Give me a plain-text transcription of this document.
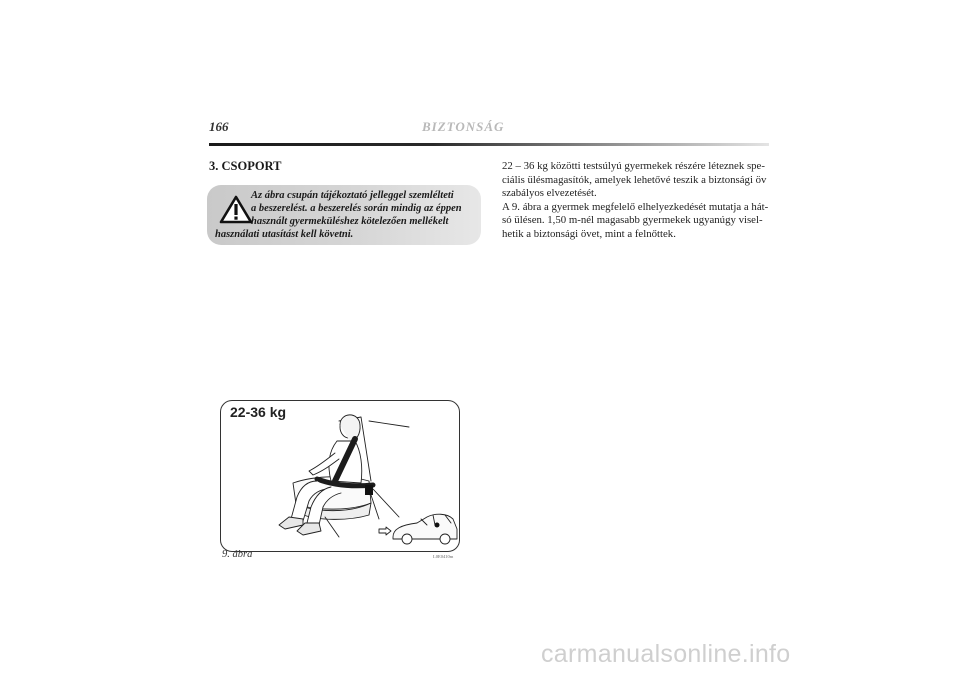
166	BIZTONSÁG
3. CSOPORT
Az ábra csupán tájékoztató jelleggel szemlélteti
a beszerelést. a beszerelés során mindig az éppen
használt gyermeküléshez kötelezően mellékelt
használati utasítást kell követni.
22-36 kg
9. ábra	L0E0410m
22 – 36 kg közötti testsúlyú gyermekek részére léteznek spe-
ciális ülésmagasítók, amelyek lehetővé teszik a biztonsági öv
szabályos elvezetését.
A 9. ábra a gyermek megfelelő elhelyezkedését mutatja a hát-
só ülésen. 1,50 m-nél magasabb gyermekek ugyanúgy visel-
hetik a biztonsági övet, mint a felnőttek.
carmanualsonline.info
